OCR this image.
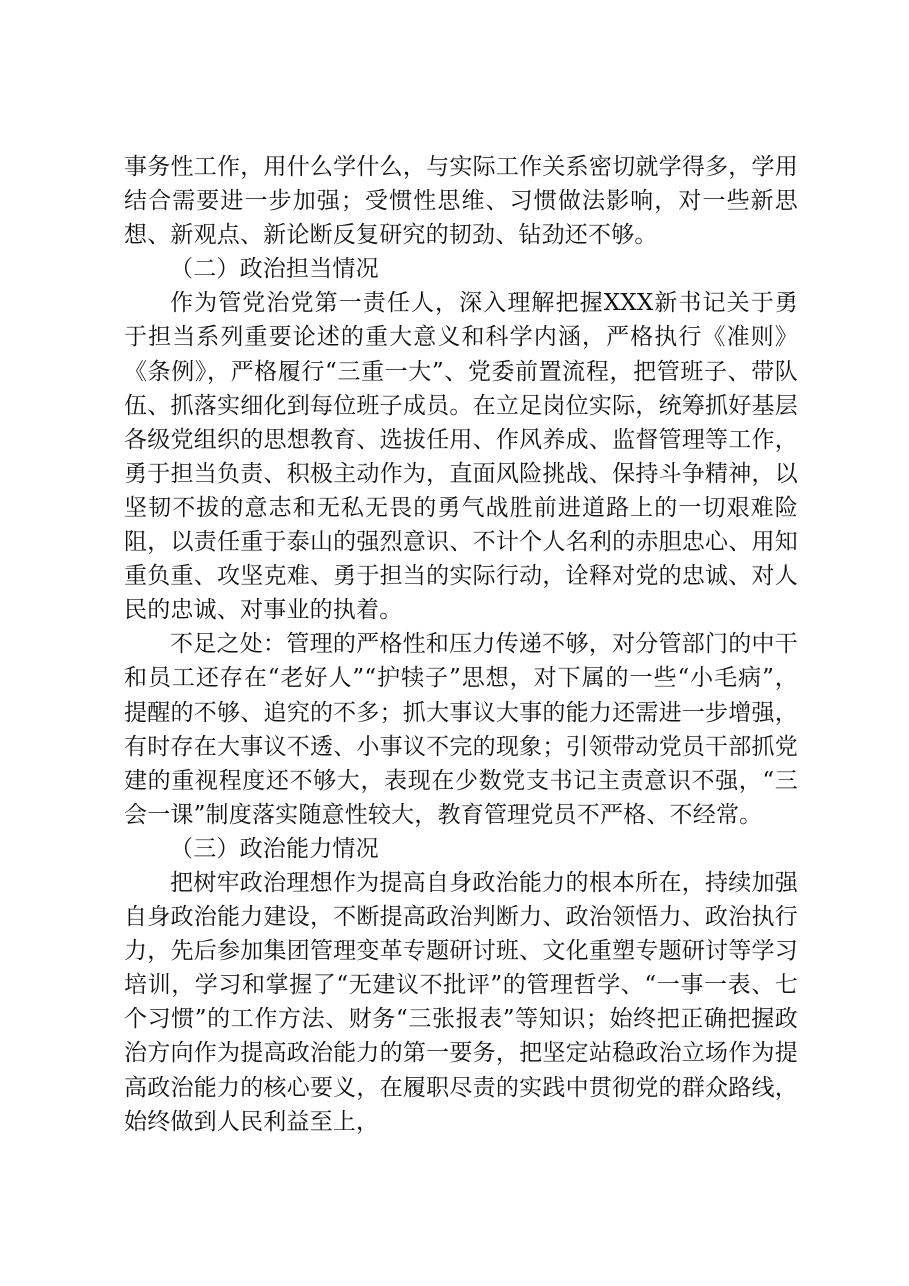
事务性工作，用什么学什么，与实际工作关系密切就学得多，学用结合需要进一步加强；受惯性思维、习惯做法影响，对一些新思想、新观点、新论断反复研究的韧劲、钻劲还不够。

（二）政治担当情况

作为管党治党第一责任人，深入理解把握XXX新书记关于勇于担当系列重要论述的重大意义和科学内涵，严格执行《准则》《条例》，严格履行“三重一大”、党委前置流程，把管班子、带队伍、抓落实细化到每位班子成员。在立足岗位实际，统筹抓好基层各级党组织的思想教育、选拔任用、作风养成、监督管理等工作，勇于担当负责、积极主动作为，直面风险挑战、保持斗争精神，以坚韧不拔的意志和无私无畏的勇气战胜前进道路上的一切艰难险阻，以责任重于泰山的强烈意识、不计个人名利的赤胆忠心、用知重负重、攻坚克难、勇于担当的实际行动，诠释对党的忠诚、对人民的忠诚、对事业的执着。

不足之处：管理的严格性和压力传递不够，对分管部门的中干和员工还存在“老好人”“护犊子”思想，对下属的一些“小毛病”，提醒的不够、追究的不多；抓大事议大事的能力还需进一步增强，有时存在大事议不透、小事议不完的现象；引领带动党员干部抓党建的重视程度还不够大，表现在少数党支书记主责意识不强，“三会一课”制度落实随意性较大，教育管理党员不严格、不经常。

（三）政治能力情况

把树牢政治理想作为提高自身政治能力的根本所在，持续加强自身政治能力建设，不断提高政治判断力、政治领悟力、政治执行力，先后参加集团管理变革专题研讨班、文化重塑专题研讨等学习培训，学习和掌握了“无建议不批评”的管理哲学、“一事一表、七个习惯”的工作方法、财务“三张报表”等知识；始终把正确把握政治方向作为提高政治能力的第一要务，把坚定站稳政治立场作为提高政治能力的核心要义，在履职尽责的实践中贯彻党的群众路线，始终做到人民利益至上，
